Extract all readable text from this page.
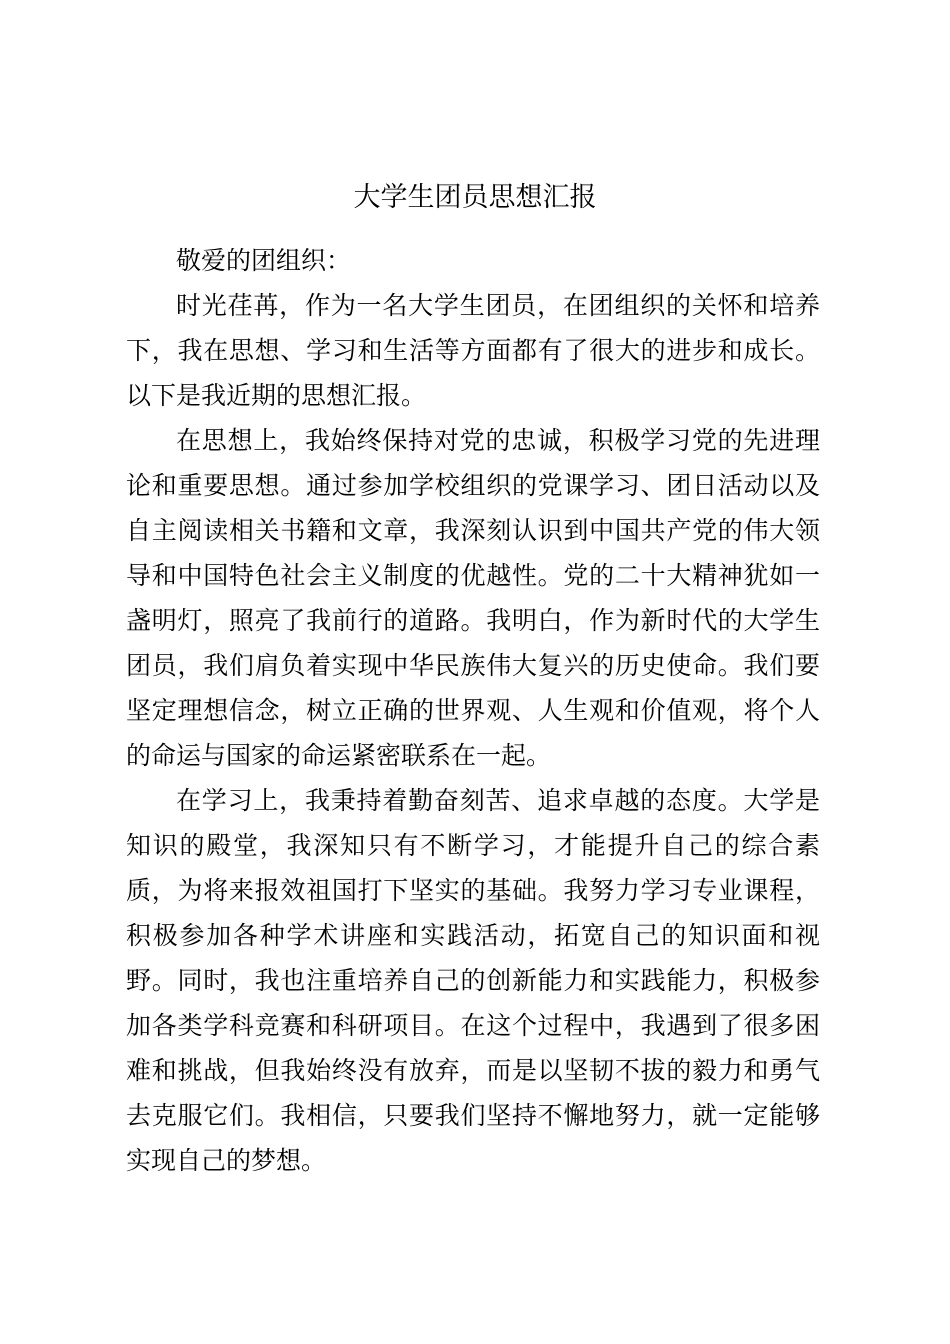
大学生团员思想汇报

敬爱的团组织：

时光荏苒，作为一名大学生团员，在团组织的关怀和培养下，我在思想、学习和生活等方面都有了很大的进步和成长。以下是我近期的思想汇报。

在思想上，我始终保持对党的忠诚，积极学习党的先进理论和重要思想。通过参加学校组织的党课学习、团日活动以及自主阅读相关书籍和文章，我深刻认识到中国共产党的伟大领导和中国特色社会主义制度的优越性。党的二十大精神犹如一盏明灯，照亮了我前行的道路。我明白，作为新时代的大学生团员，我们肩负着实现中华民族伟大复兴的历史使命。我们要坚定理想信念，树立正确的世界观、人生观和价值观，将个人的命运与国家的命运紧密联系在一起。

在学习上，我秉持着勤奋刻苦、追求卓越的态度。大学是知识的殿堂，我深知只有不断学习，才能提升自己的综合素质，为将来报效祖国打下坚实的基础。我努力学习专业课程，积极参加各种学术讲座和实践活动，拓宽自己的知识面和视野。同时，我也注重培养自己的创新能力和实践能力，积极参加各类学科竞赛和科研项目。在这个过程中，我遇到了很多困难和挑战，但我始终没有放弃，而是以坚韧不拔的毅力和勇气去克服它们。我相信，只要我们坚持不懈地努力，就一定能够实现自己的梦想。
